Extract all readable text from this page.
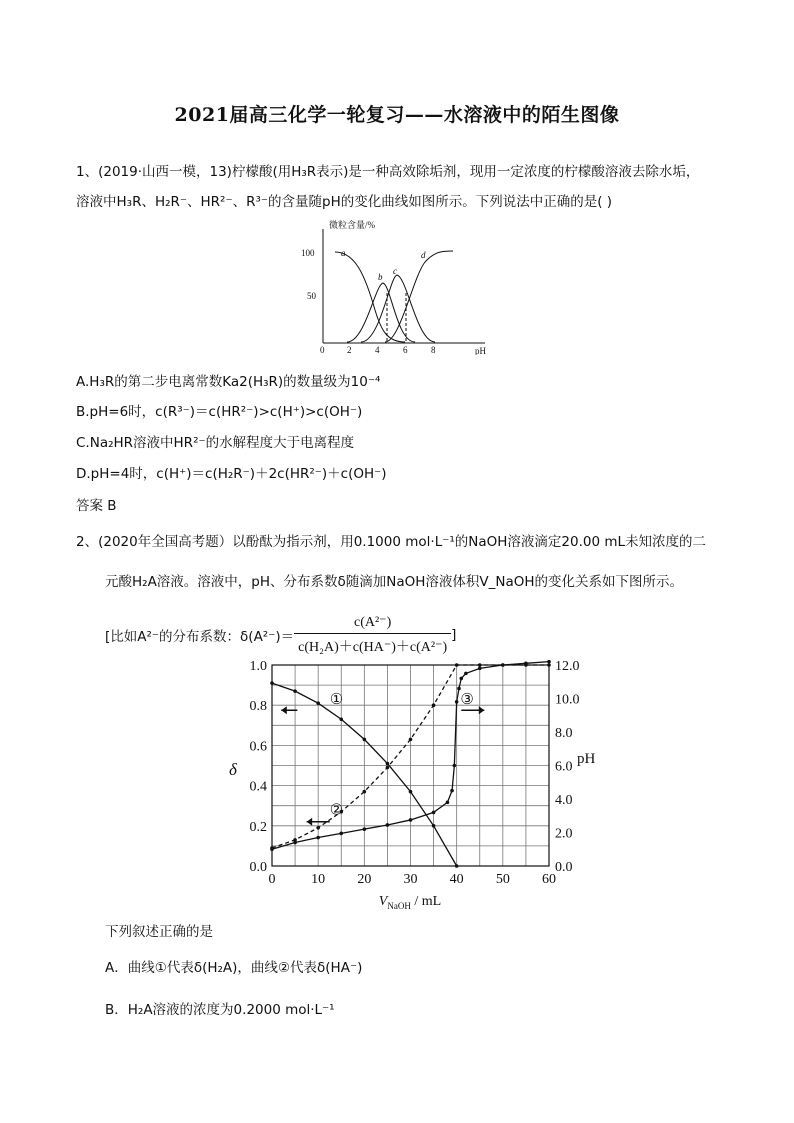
2021届高三化学一轮复习——水溶液中的陌生图像
1、(2019·山西一模，13)柠檬酸(用H₃R表示)是一种高效除垢剂，现用一定浓度的柠檬酸溶液去除水垢，
溶液中H₃R、H₂R⁻、HR²⁻、R³⁻的含量随pH的变化曲线如图所示。下列说法中正确的是( )
微粒含量/%
100
50
0	2	4	6	8	pH
a
b
c
d
A.H₃R的第二步电离常数Ka2(H₃R)的数量级为10⁻⁴
B.pH=6时，c(R³⁻)＝c(HR²⁻)>c(H⁺)>c(OH⁻)
C.Na₂HR溶液中HR²⁻的水解程度大于电离程度
D.pH=4时，c(H⁺)＝c(H₂R⁻)＋2c(HR²⁻)＋c(OH⁻)
答案 B
2、(2020年全国高考题）以酚酞为指示剂，用0.1000 mol·L⁻¹的NaOH溶液滴定20.00 mL未知浓度的二
元酸H₂A溶液。溶液中，pH、分布系数δ随滴加NaOH溶液体积V_NaOH的变化关系如下图所示。
[比如A²⁻的分布系数：$\delta(A^{2-})= \frac{\text{c(A²⁻)}}{\text{c(H₂A)＋c(HA⁻)＋c(A²⁻)}}$ ]
0	10 20 30 40 50 60
0.0
0.2
0.4
0.6
0.8
1.0
0.0
2.0
4.0
6.0
8.0
10.0
12.0
δ
pH
$V_{NaOH}$ / mL
①
②
③
下列叙述正确的是
A．曲线①代表δ(H₂A)，曲线②代表δ(HA⁻)
B．H₂A溶液的浓度为0.2000 mol·L⁻¹
